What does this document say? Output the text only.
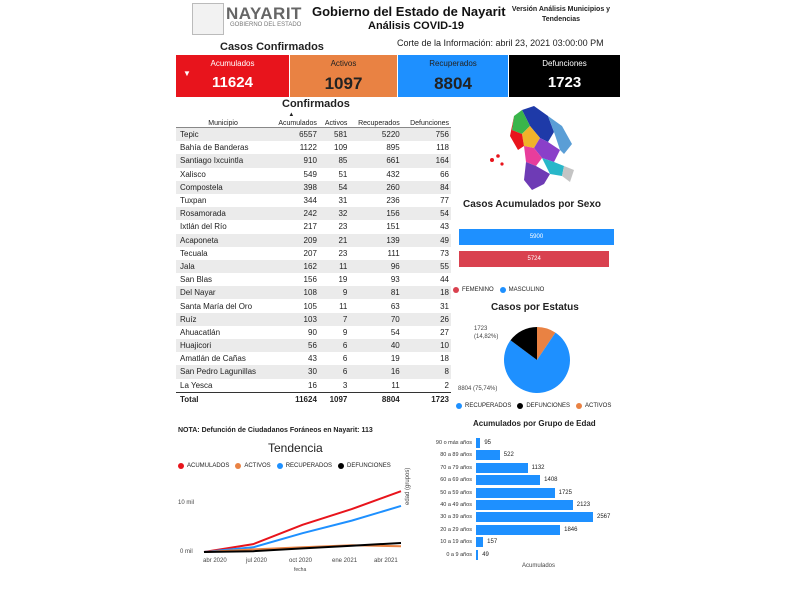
NAYARIT
GOBIERNO DEL ESTADO
Gobierno del Estado de Nayarit
Análisis COVID-19
Versión Análisis Municipios y Tendencias
Casos Confirmados	Corte de la Información: abril 23, 2021 03:00:00 PM
▼
Acumulados
11624
Activos
1097
Recuperados
8804
Defunciones
1723
Confirmados
Municipio	▲
Acumulados	Activos	Recuperados	Defunciones
Tepic	6557	581	5220	756
Bahía de Banderas	1122	109	895	118
Santiago Ixcuintla	910	85	661	164
Xalisco	549	51	432	66
Compostela	398	54	260	84
Tuxpan	344	31	236	77
Rosamorada	242	32	156	54
Ixtlán del Río	217	23	151	43
Acaponeta	209	21	139	49
Tecuala	207	23	111	73
Jala	162	11	96	55
San Blas	156	19	93	44
Del Nayar	108	9	81	18
Santa María del Oro	105	11	63	31
Ruíz	103	7	70	26
Ahuacatlán	90	9	54	27
Huajicori	56	6	40	10
Amatlán de Cañas	43	6	19	18
San Pedro Lagunillas	30	6	16	8
La Yesca	16	3	11	2
Total	11624	1097	8804	1723
NOTA: Defunción de Ciudadanos Foráneos en Nayarit: 113
Casos Acumulados por Sexo
5900
5724
FEMENINO	MASCULINO
Casos por Estatus
1723 (14,82%)
8804 (75,74%)
RECUPERADOS	DEFUNCIONES	ACTIVOS
Acumulados por Grupo de Edad
edad (grupos)
90 o más años 95
80 a 89 años	522
70 a 79 años	1132
60 a 69 años	1408
50 a 59 años	1725
40 a 49 años	2123
30 a 39 años	2567
20 a 29 años	1846
10 a 19 años	157
0 a 9 años 49
Acumulados
Tendencia
ACUMULADOS	ACTIVOS	RECUPERADOS	DEFUNCIONES
10 mil
0 mil
abr 2020	jul 2020	oct 2020	ene 2021	abr 2021
fecha
